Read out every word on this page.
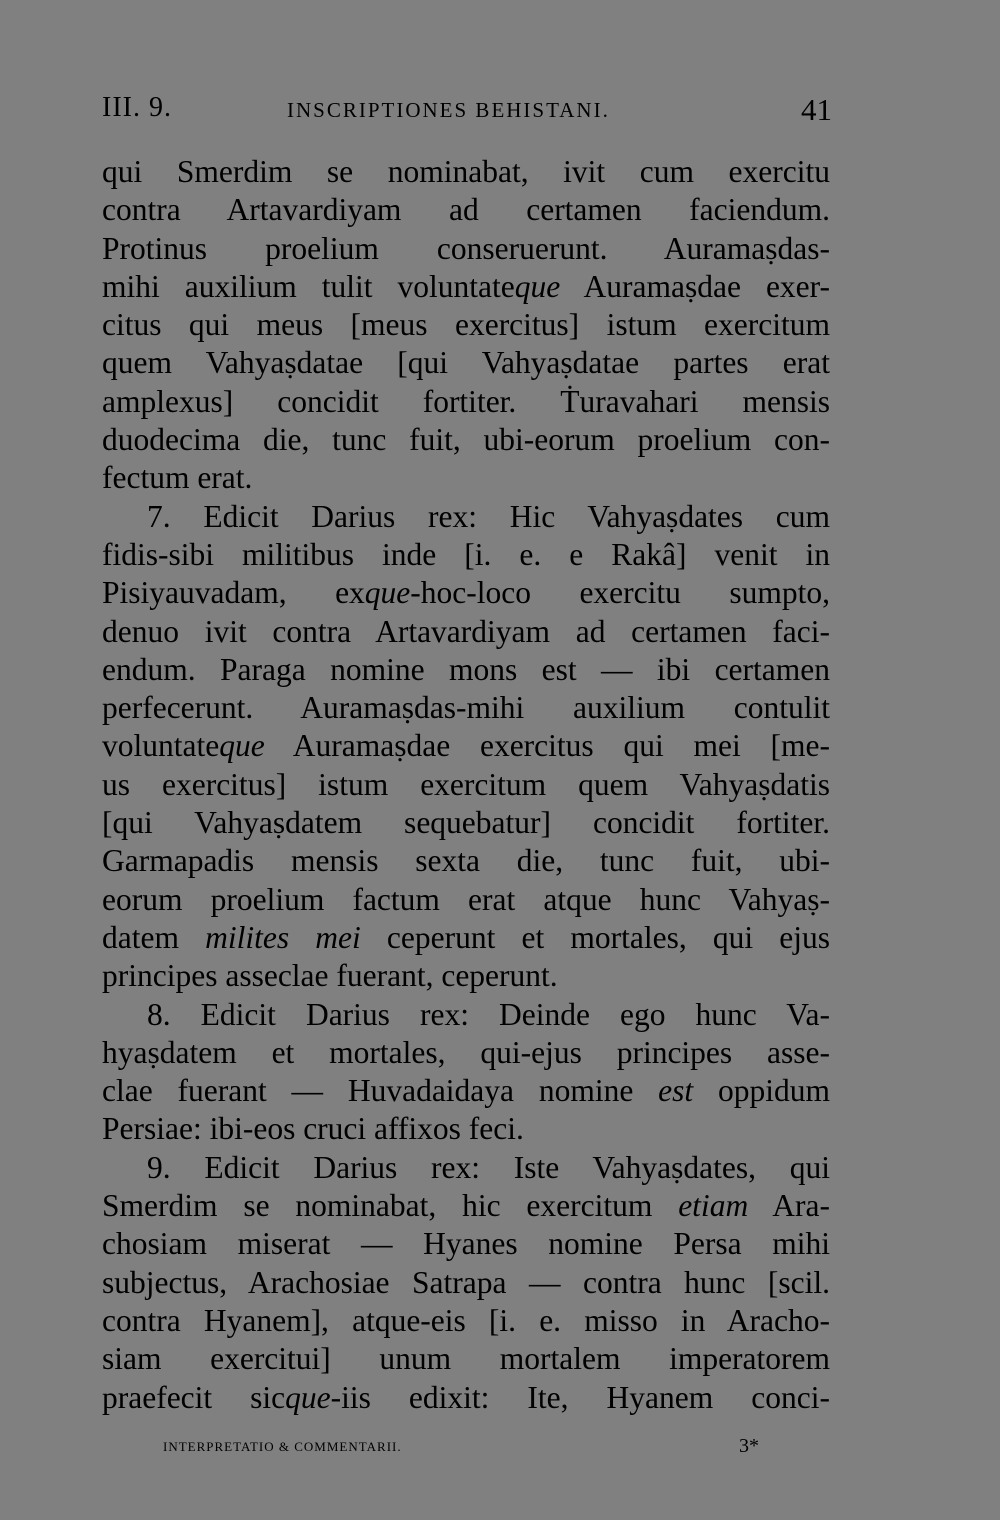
III. 9.	INSCRIPTIONES BEHISTANI.	41
qui Smerdim se nominabat, ivit cum exercitu
contra Artavardiyam ad certamen faciendum.
Protinus proelium conseruerunt. Auramaṣdas-
mihi auxilium tulit voluntateque Auramaṣdae exer-
citus qui meus [meus exercitus] istum exercitum
quem Vahyaṣdatae [qui Vahyaṣdatae partes erat
amplexus] concidit fortiter. Ṫuravahari mensis
duodecima die, tunc fuit, ubi-eorum proelium con-
fectum erat.
7. Edicit Darius rex: Hic Vahyaṣdates cum
fidis-sibi militibus inde [i. e. e Rakâ] venit in
Pisiyauvadam, exque-hoc-loco exercitu sumpto,
denuo ivit contra Artavardiyam ad certamen faci-
endum. Paraga nomine mons est — ibi certamen
perfecerunt. Auramaṣdas-mihi auxilium contulit
voluntateque Auramaṣdae exercitus qui mei [me-
us exercitus] istum exercitum quem Vahyaṣdatis
[qui Vahyaṣdatem sequebatur] concidit fortiter.
Garmapadis mensis sexta die, tunc fuit, ubi-
eorum proelium factum erat atque hunc Vahyaṣ-
datem milites mei ceperunt et mortales, qui ejus
principes asseclae fuerant, ceperunt.
8. Edicit Darius rex: Deinde ego hunc Va-
hyaṣdatem et mortales, qui-ejus principes asse-
clae fuerant — Huvadaidaya nomine est oppidum
Persiae: ibi-eos cruci affixos feci.
9. Edicit Darius rex: Iste Vahyaṣdates, qui
Smerdim se nominabat, hic exercitum etiam Ara-
chosiam miserat — Hyanes nomine Persa mihi
subjectus, Arachosiae Satrapa — contra hunc [scil.
contra Hyanem], atque-eis [i. e. misso in Aracho-
siam exercitui] unum mortalem imperatorem
praefecit sicque-iis edixit: Ite, Hyanem conci-
INTERPRETATIO & COMMENTARII.	3*
